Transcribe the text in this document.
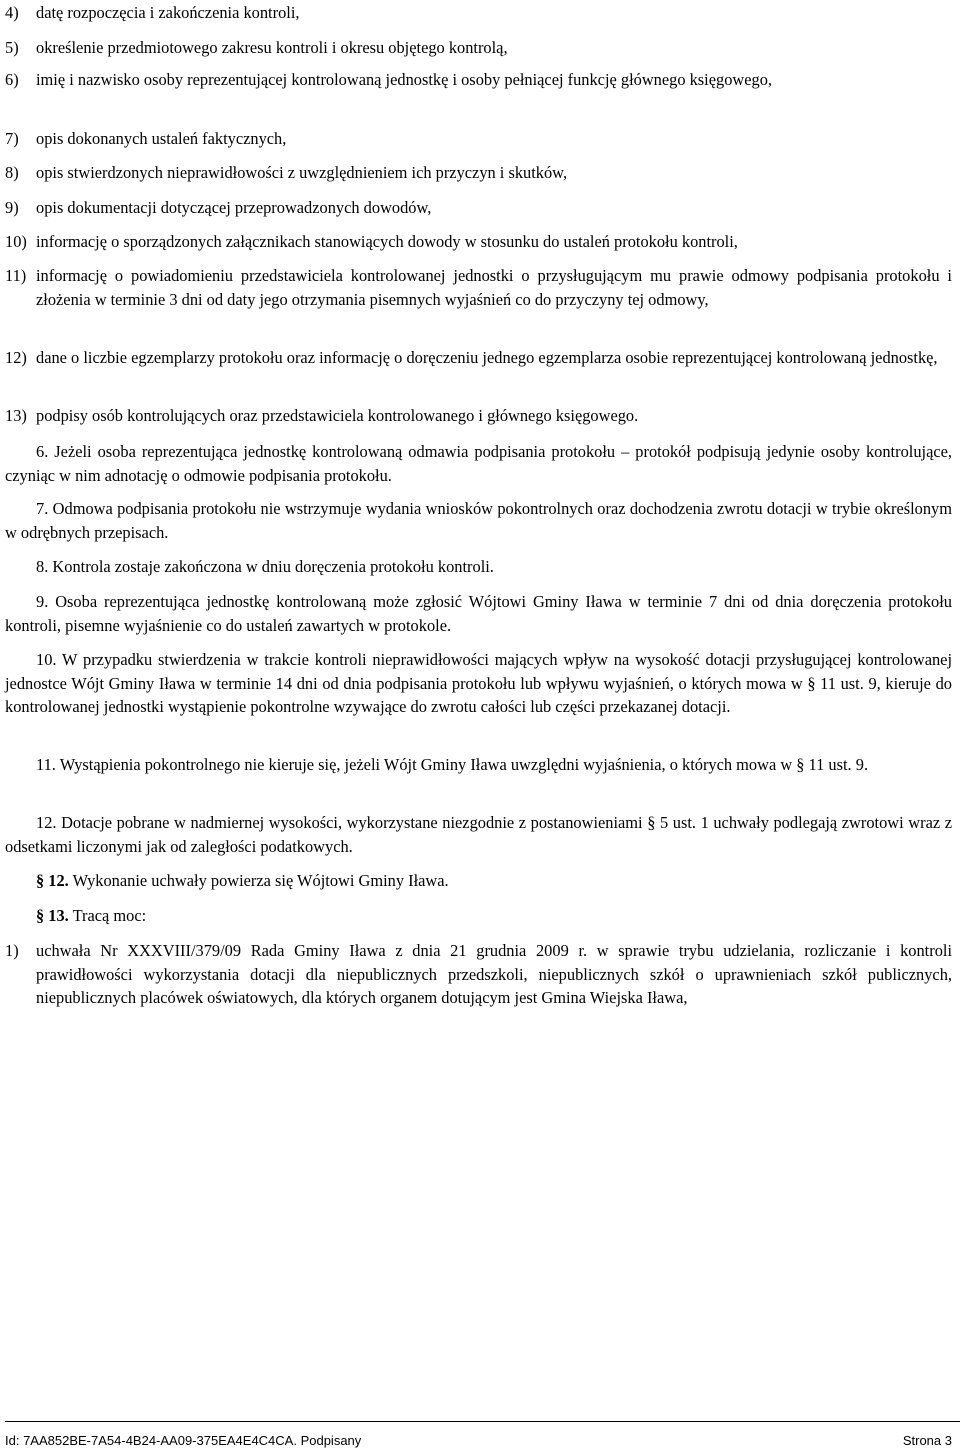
4) datę rozpoczęcia i zakończenia kontroli,
5) określenie przedmiotowego zakresu kontroli i okresu objętego kontrolą,
6) imię i nazwisko osoby reprezentującej kontrolowaną jednostkę i osoby pełniącej funkcję głównego księgowego,
7) opis dokonanych ustaleń faktycznych,
8) opis stwierdzonych nieprawidłowości z uwzględnieniem ich przyczyn i skutków,
9) opis dokumentacji dotyczącej przeprowadzonych dowodów,
10) informację o sporządzonych załącznikach stanowiących dowody w stosunku do ustaleń protokołu kontroli,
11) informację o powiadomieniu przedstawiciela kontrolowanej jednostki o przysługującym mu prawie odmowy podpisania protokołu i złożenia w terminie 3 dni od daty jego otrzymania pisemnych wyjaśnień co do przyczyny tej odmowy,
12) dane o liczbie egzemplarzy protokołu oraz informację o doręczeniu jednego egzemplarza osobie reprezentującej kontrolowaną jednostkę,
13) podpisy osób kontrolujących oraz przedstawiciela kontrolowanego i głównego księgowego.
6. Jeżeli osoba reprezentująca jednostkę kontrolowaną odmawia podpisania protokołu – protokół podpisują jedynie osoby kontrolujące, czyniąc w nim adnotację o odmowie podpisania protokołu.
7. Odmowa podpisania protokołu nie wstrzymuje wydania wniosków pokontrolnych oraz dochodzenia zwrotu dotacji w trybie określonym w odrębnych przepisach.
8. Kontrola zostaje zakończona w dniu doręczenia protokołu kontroli.
9. Osoba reprezentująca jednostkę kontrolowaną może zgłosić Wójtowi Gminy Iława w terminie 7 dni od dnia doręczenia protokołu kontroli, pisemne wyjaśnienie co do ustaleń zawartych w protokole.
10. W przypadku stwierdzenia w trakcie kontroli nieprawidłowości mających wpływ na wysokość dotacji przysługującej kontrolowanej jednostce Wójt Gminy Iława w terminie 14 dni od dnia podpisania protokołu lub wpływu wyjaśnień, o których mowa w § 11 ust. 9, kieruje do kontrolowanej jednostki wystąpienie pokontrolne wzywające do zwrotu całości lub części przekazanej dotacji.
11. Wystąpienia pokontrolnego nie kieruje się, jeżeli Wójt Gminy Iława uwzględni wyjaśnienia, o których mowa w § 11 ust. 9.
12. Dotacje pobrane w nadmiernej wysokości, wykorzystane niezgodnie z postanowieniami § 5 ust. 1 uchwały podlegają zwrotowi wraz z odsetkami liczonymi jak od zaległości podatkowych.
§ 12. Wykonanie uchwały powierza się Wójtowi Gminy Iława.
§ 13. Tracą moc:
1) uchwała Nr XXXVIII/379/09 Rada Gminy Iława z dnia 21 grudnia 2009 r. w sprawie trybu udzielania, rozliczanie i kontroli prawidłowości wykorzystania dotacji dla niepublicznych przedszkoli, niepublicznych szkół o uprawnieniach szkół publicznych, niepublicznych placówek oświatowych, dla których organem dotującym jest Gmina Wiejska Iława,
Id: 7AA852BE-7A54-4B24-AA09-375EA4E4C4CA. Podpisany	Strona 3
